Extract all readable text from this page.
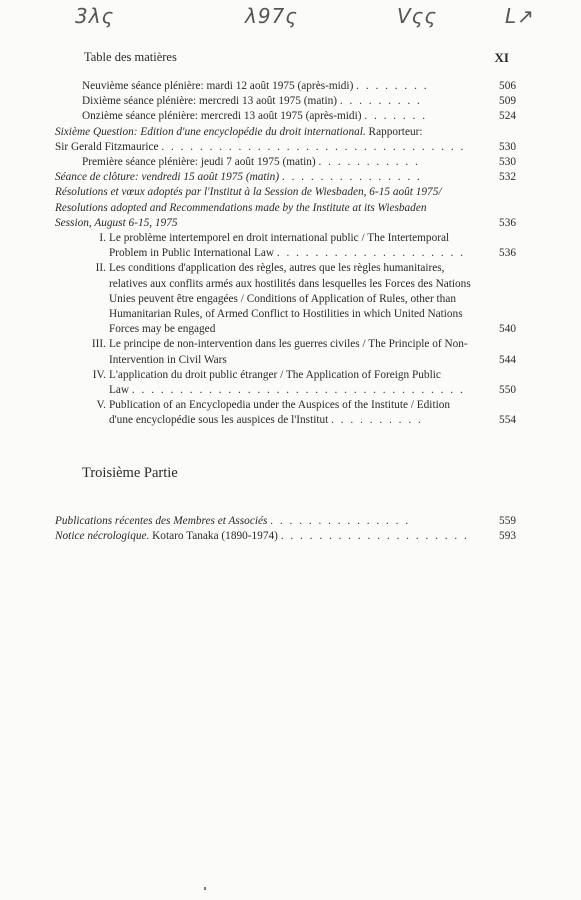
3λς	λ97ς	Vςς	L↗
Table des matières	XI
Neuvième séance plénière: mardi 12 août 1975 (après-midi) . . . . . . . .	506
Dixième séance plénière: mercredi 13 août 1975 (matin) . . . . . . . . .	509
Onzième séance plénière: mercredi 13 août 1975 (après-midi) . . . . . . .	524
Sixième Question: Edition d'une encyclopédie du droit international. Rapporteur:
Sir Gerald Fitzmaurice . . . . . . . . . . . . . . . . . . . . . . . . . . . . . . . .	530
Première séance plénière: jeudi 7 août 1975 (matin) . . . . . . . . . . .	530
Séance de clôture: vendredi 15 août 1975 (matin) . . . . . . . . . . . . . . .	532
Résolutions et vœux adoptés par l'Institut à la Session de Wiesbaden, 6-15 août 1975/
Resolutions adopted and Recommendations made by the Institute at its Wiesbaden
Session, August 6-15, 1975	536
I. Le problème intertemporel en droit international public / The Intertemporal
Problem in Public International Law . . . . . . . . . . . . . . . . . . . .	536
II. Les conditions d'application des règles, autres que les règles humanitaires,
relatives aux conflits armés aux hostilités dans lesquelles les Forces des Nations
Unies peuvent être engagées / Conditions of Application of Rules, other than
Humanitarian Rules, of Armed Conflict to Hostilities in which United Nations
Forces may be engaged	540
III. Le principe de non-intervention dans les guerres civiles / The Principle of Non-
Intervention in Civil Wars	544
IV. L'application du droit public étranger / The Application of Foreign Public
Law . . . . . . . . . . . . . . . . . . . . . . . . . . . . . . . . . . .	550
V. Publication of an Encyclopedia under the Auspices of the Institute / Edition
d'une encyclopédie sous les auspices de l'Institut . . . . . . . . . .	554
Troisième Partie
Publications récentes des Membres et Associés . . . . . . . . . . . . . . .	559
Notice nécrologique. Kotaro Tanaka (1890-1974) . . . . . . . . . . . . . . . . . . . .	593
